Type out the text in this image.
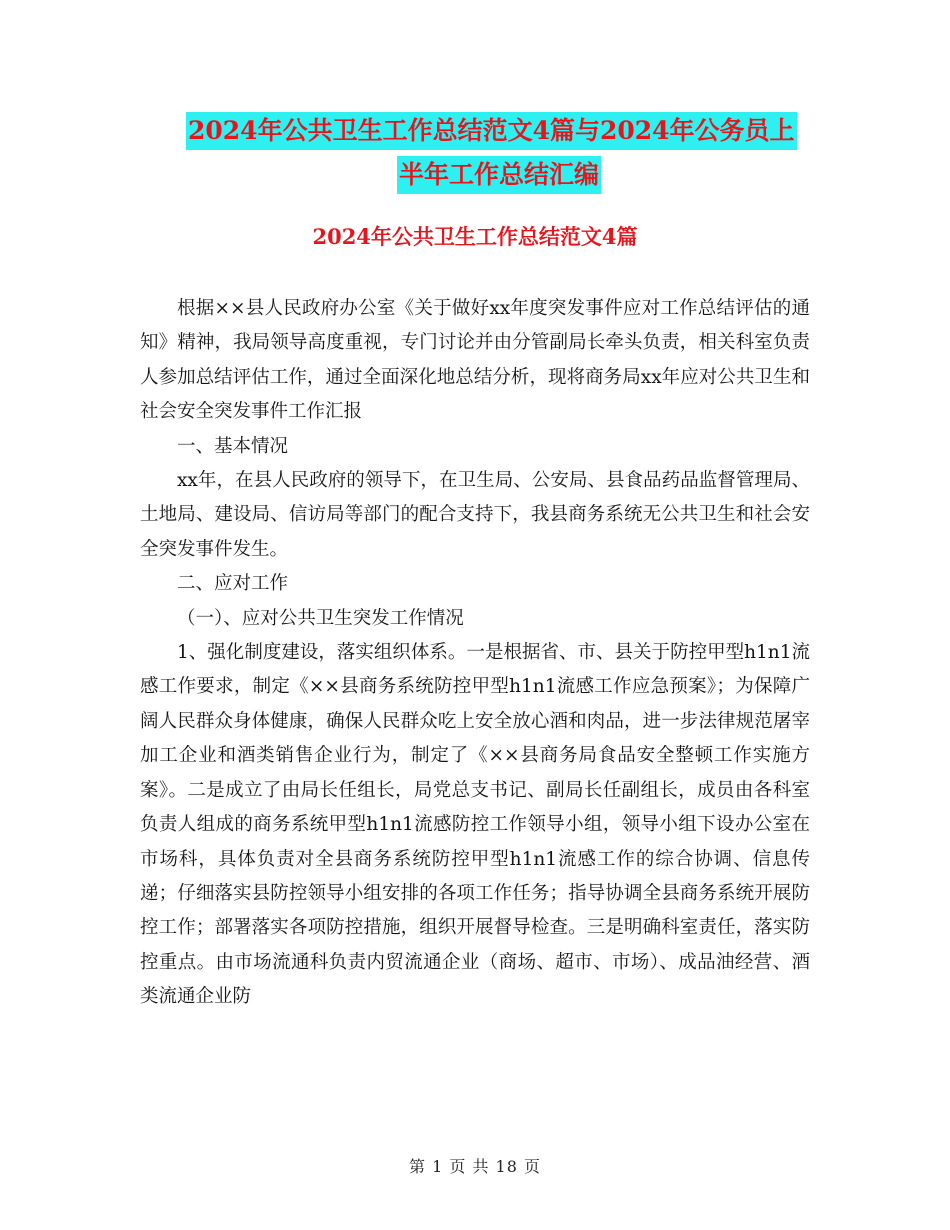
2024年公共卫生工作总结范文4篇与2024年公务员上
半年工作总结汇编
2024年公共卫生工作总结范文4篇

根据××县人民政府办公室《关于做好xx年度突发事件应对工作总结评估的通知》精神，我局领导高度重视，专门讨论并由分管副局长牵头负责，相关科室负责人参加总结评估工作，通过全面深化地总结分析，现将商务局xx年应对公共卫生和社会安全突发事件工作汇报

一、基本情况

xx年，在县人民政府的领导下，在卫生局、公安局、县食品药品监督管理局、土地局、建设局、信访局等部门的配合支持下，我县商务系统无公共卫生和社会安全突发事件发生。

二、应对工作

（一）、应对公共卫生突发工作情况

1、强化制度建设，落实组织体系。一是根据省、市、县关于防控甲型h1n1流感工作要求，制定《××县商务系统防控甲型h1n1流感工作应急预案》；为保障广阔人民群众身体健康，确保人民群众吃上安全放心酒和肉品，进一步法律规范屠宰加工企业和酒类销售企业行为，制定了《××县商务局食品安全整顿工作实施方案》。二是成立了由局长任组长，局党总支书记、副局长任副组长，成员由各科室负责人组成的商务系统甲型h1n1流感防控工作领导小组，领导小组下设办公室在市场科，具体负责对全县商务系统防控甲型h1n1流感工作的综合协调、信息传递；仔细落实县防控领导小组安排的各项工作任务；指导协调全县商务系统开展防控工作；部署落实各项防控措施，组织开展督导检查。三是明确科室责任，落实防控重点。由市场流通科负责内贸流通企业（商场、超市、市场）、成品油经营、酒类流通企业防

第 1 页 共 18 页
